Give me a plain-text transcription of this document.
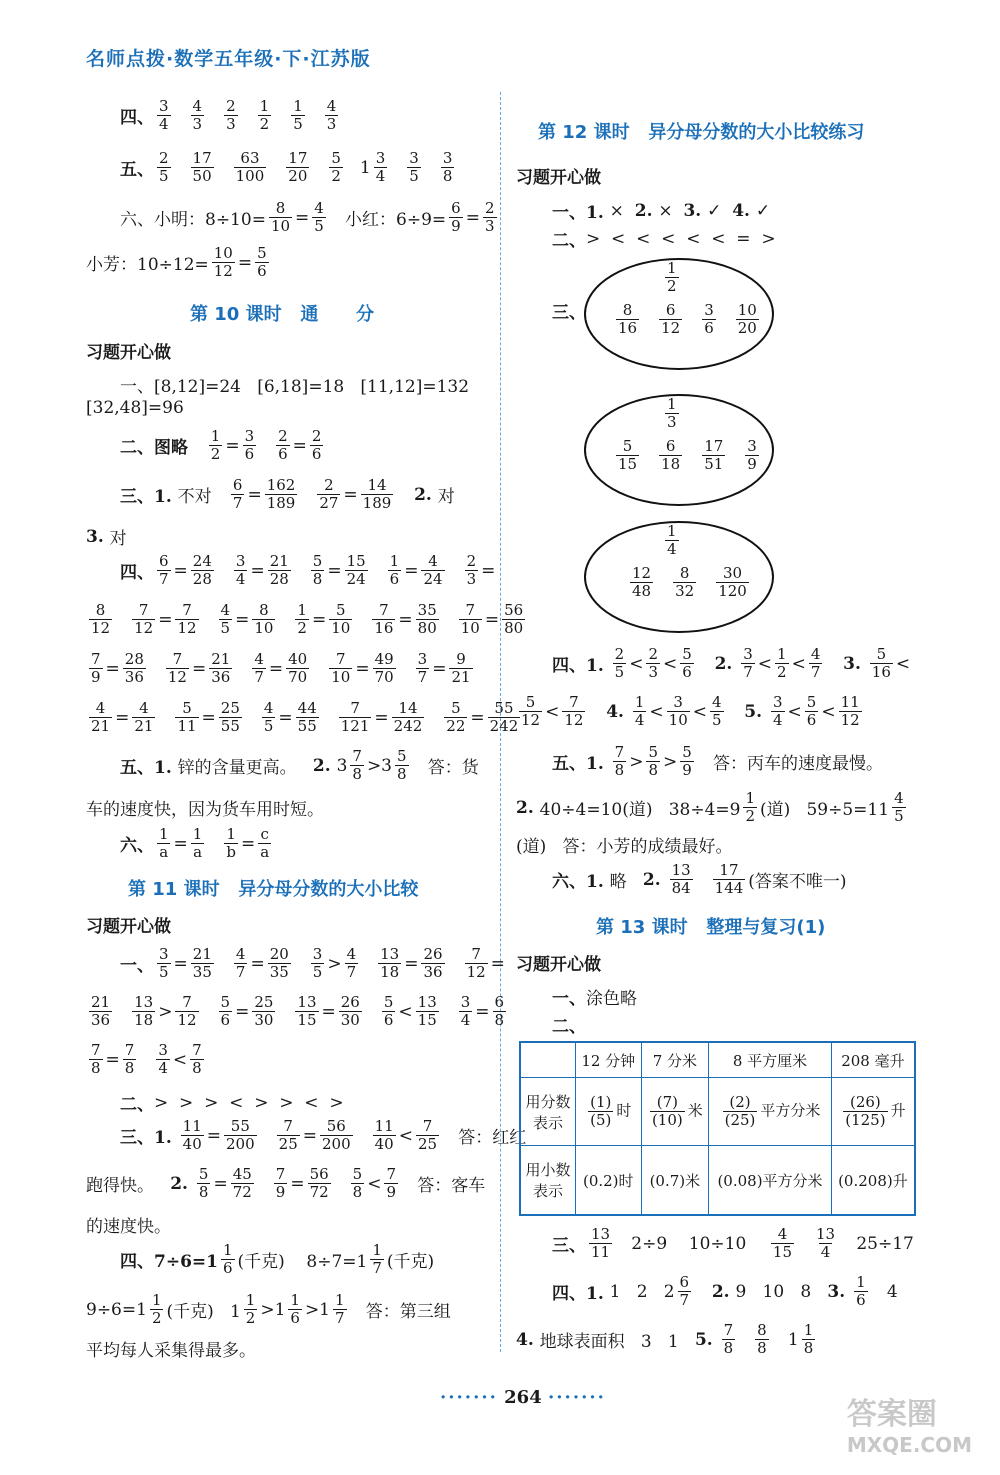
名师点拨·数学五年级·下·江苏版
四、 $\frac{3}{4} \frac{4}{3} \frac{2}{3} \frac{1}{2} \frac{1}{5} \frac{4}{3}$
五、 $\frac{2}{5} \frac{17}{50} \frac{63}{100} \frac{17}{20} \frac{5}{2} 1 \frac{3}{4} \frac{3}{5} \frac{3}{8}$
六、小明：$8\div 10= \frac{8}{10} = \frac{4}{5}$ 小红：$6\div 9= \frac{6}{9} = \frac{2}{3}$
小芳：$10\div 12= \frac{10}{12} = \frac{5}{6}$
第 10 课时   通      分
习题开心做
一、[8,12]=24   [6,18]=18   [11,12]=132
[32,48]=96
二、图略 $\frac{1}{2} = \frac{3}{6} \frac{2}{6} = \frac{2}{6}$
三、1. 不对 $\frac{6}{7} = \frac{162}{189} \frac{2}{27} = \frac{14}{189} 2$. 对
3. 对
四、 $\frac{6}{7} = \frac{24}{28} \frac{3}{4} = \frac{21}{28} \frac{5}{8} = \frac{15}{24} \frac{1}{6} = \frac{4}{24} \frac{2}{3}$ =
$\frac{8}{12} \frac{7}{12} = \frac{7}{12} \frac{4}{5} = \frac{8}{10} \frac{1}{2} = \frac{5}{10} \frac{7}{16} = \frac{35}{80} \frac{7}{10} = \frac{56}{80}$
$\frac{7}{9} = \frac{28}{36} \frac{7}{12} = \frac{21}{36} \frac{4}{7} = \frac{40}{70} \frac{7}{10} = \frac{49}{70} \frac{3}{7} = \frac{9}{21}$
$\frac{4}{21} = \frac{4}{21} \frac{5}{11} = \frac{25}{55} \frac{4}{5} = \frac{44}{55} \frac{7}{121} = \frac{14}{242} \frac{5}{22} = \frac{55}{242}$
五、1. 锌的含量更高。 2. $3 \frac{7}{8} >3 \frac{5}{8}$ 答：货
车的速度快，因为货车用时短。
六、 $\frac{1}{a} = \frac{1}{a} \frac{1}{b} = \frac{c}{a}$
第 11 课时   异分母分数的大小比较
习题开心做
一、 $\frac{3}{5} = \frac{21}{35} \frac{4}{7} = \frac{20}{35} \frac{3}{5} > \frac{4}{7} \frac{13}{18} = \frac{26}{36} \frac{7}{12}$ =
$\frac{21}{36} \frac{13}{18} > \frac{7}{12} \frac{5}{6} = \frac{25}{30} \frac{13}{15} = \frac{26}{30} \frac{5}{6} < \frac{13}{15} \frac{3}{4} = \frac{6}{8}$
$\frac{7}{8} = \frac{7}{8} \frac{3}{4} < \frac{7}{8}$
二、 >  >  >  <  >  >  <  >
三、1. $\frac{11}{40} = \frac{55}{200} \frac{7}{25} = \frac{56}{200} \frac{11}{40} < \frac{7}{25}$ 答：红红
跑得快。 2. $\frac{5}{8} = \frac{45}{72} \frac{7}{9} = \frac{56}{72} \frac{5}{8} < \frac{7}{9}$ 答：客车
的速度快。
四、$7\div 6=1 \frac{1}{6}$ (千克)    $8\div 7=1 \frac{1}{7}$ (千克)
$9\div 6=1 \frac{1}{2}$ (千克)   $1 \frac{1}{2} >1 \frac{1}{6} >1 \frac{1}{7}$ 答：第三组
平均每人采集得最多。
第 12 课时   异分母分数的大小比较练习
习题开心做
一、1. × 2. × 3. ✓ 4. ✓
二、 >  <  <  <  <  <  =  >
三、
四、1. $\frac{2}{5} < \frac{2}{3} < \frac{5}{6} 2$. $\frac{3}{7} < \frac{1}{2} < \frac{4}{7} 3$. $\frac{5}{16}$ <
$\frac{5}{12} < \frac{7}{12} 4$. $\frac{1}{4} < \frac{3}{10} < \frac{4}{5} 5$. $\frac{3}{4} < \frac{5}{6} < \frac{11}{12}$
五、1. $\frac{7}{8} > \frac{5}{8} > \frac{5}{9}$ 答：丙车的速度最慢。
2. 40÷4=10(道)   $38\div 4=9 \frac{1}{2}$ (道)   $59\div 5=11 \frac{4}{5}$
(道)   答：小芳的成绩最好。
六、1. 略 2. $\frac{13}{84} \frac{17}{144}$ (答案不唯一)
第 13 课时   整理与复习(1)
习题开心做
一、 涂色略
二、
三、 $\frac{13}{11} 2\div 9$    $10\div 10 \frac{4}{15} \frac{13}{4} 25\div 17$
四、1. 1   2   $2 \frac{6}{7} 2$. 9   10   8 3. $\frac{1}{6} 4$
4. 地球表面积   3   1 5. $\frac{7}{8} \frac{8}{8} 1 \frac{1}{8}$
$\frac{1}{2}$
$\frac{8}{16} \frac{6}{12} \frac{3}{6} \frac{10}{20}$
$\frac{1}{3}$
$\frac{5}{15} \frac{6}{18} \frac{17}{51} \frac{3}{9}$
$\frac{1}{4}$
$\frac{12}{48} \frac{8}{32} \frac{30}{120}$
	12 分钟	7 分米	8 平方厘米	208 毫升
用分数表示	$\frac{(1)}{(5)}$ 时	$\frac{(7)}{(10)}$ 米	$\frac{(2)}{(25)}$ 平方分米	$\frac{(26)}{(125)}$ 升
用小数表示	(0.2)时	(0.7)米	(0.08)平方分米	(0.208)升
······· 264 ·······	答案圈
MXQE.COM
